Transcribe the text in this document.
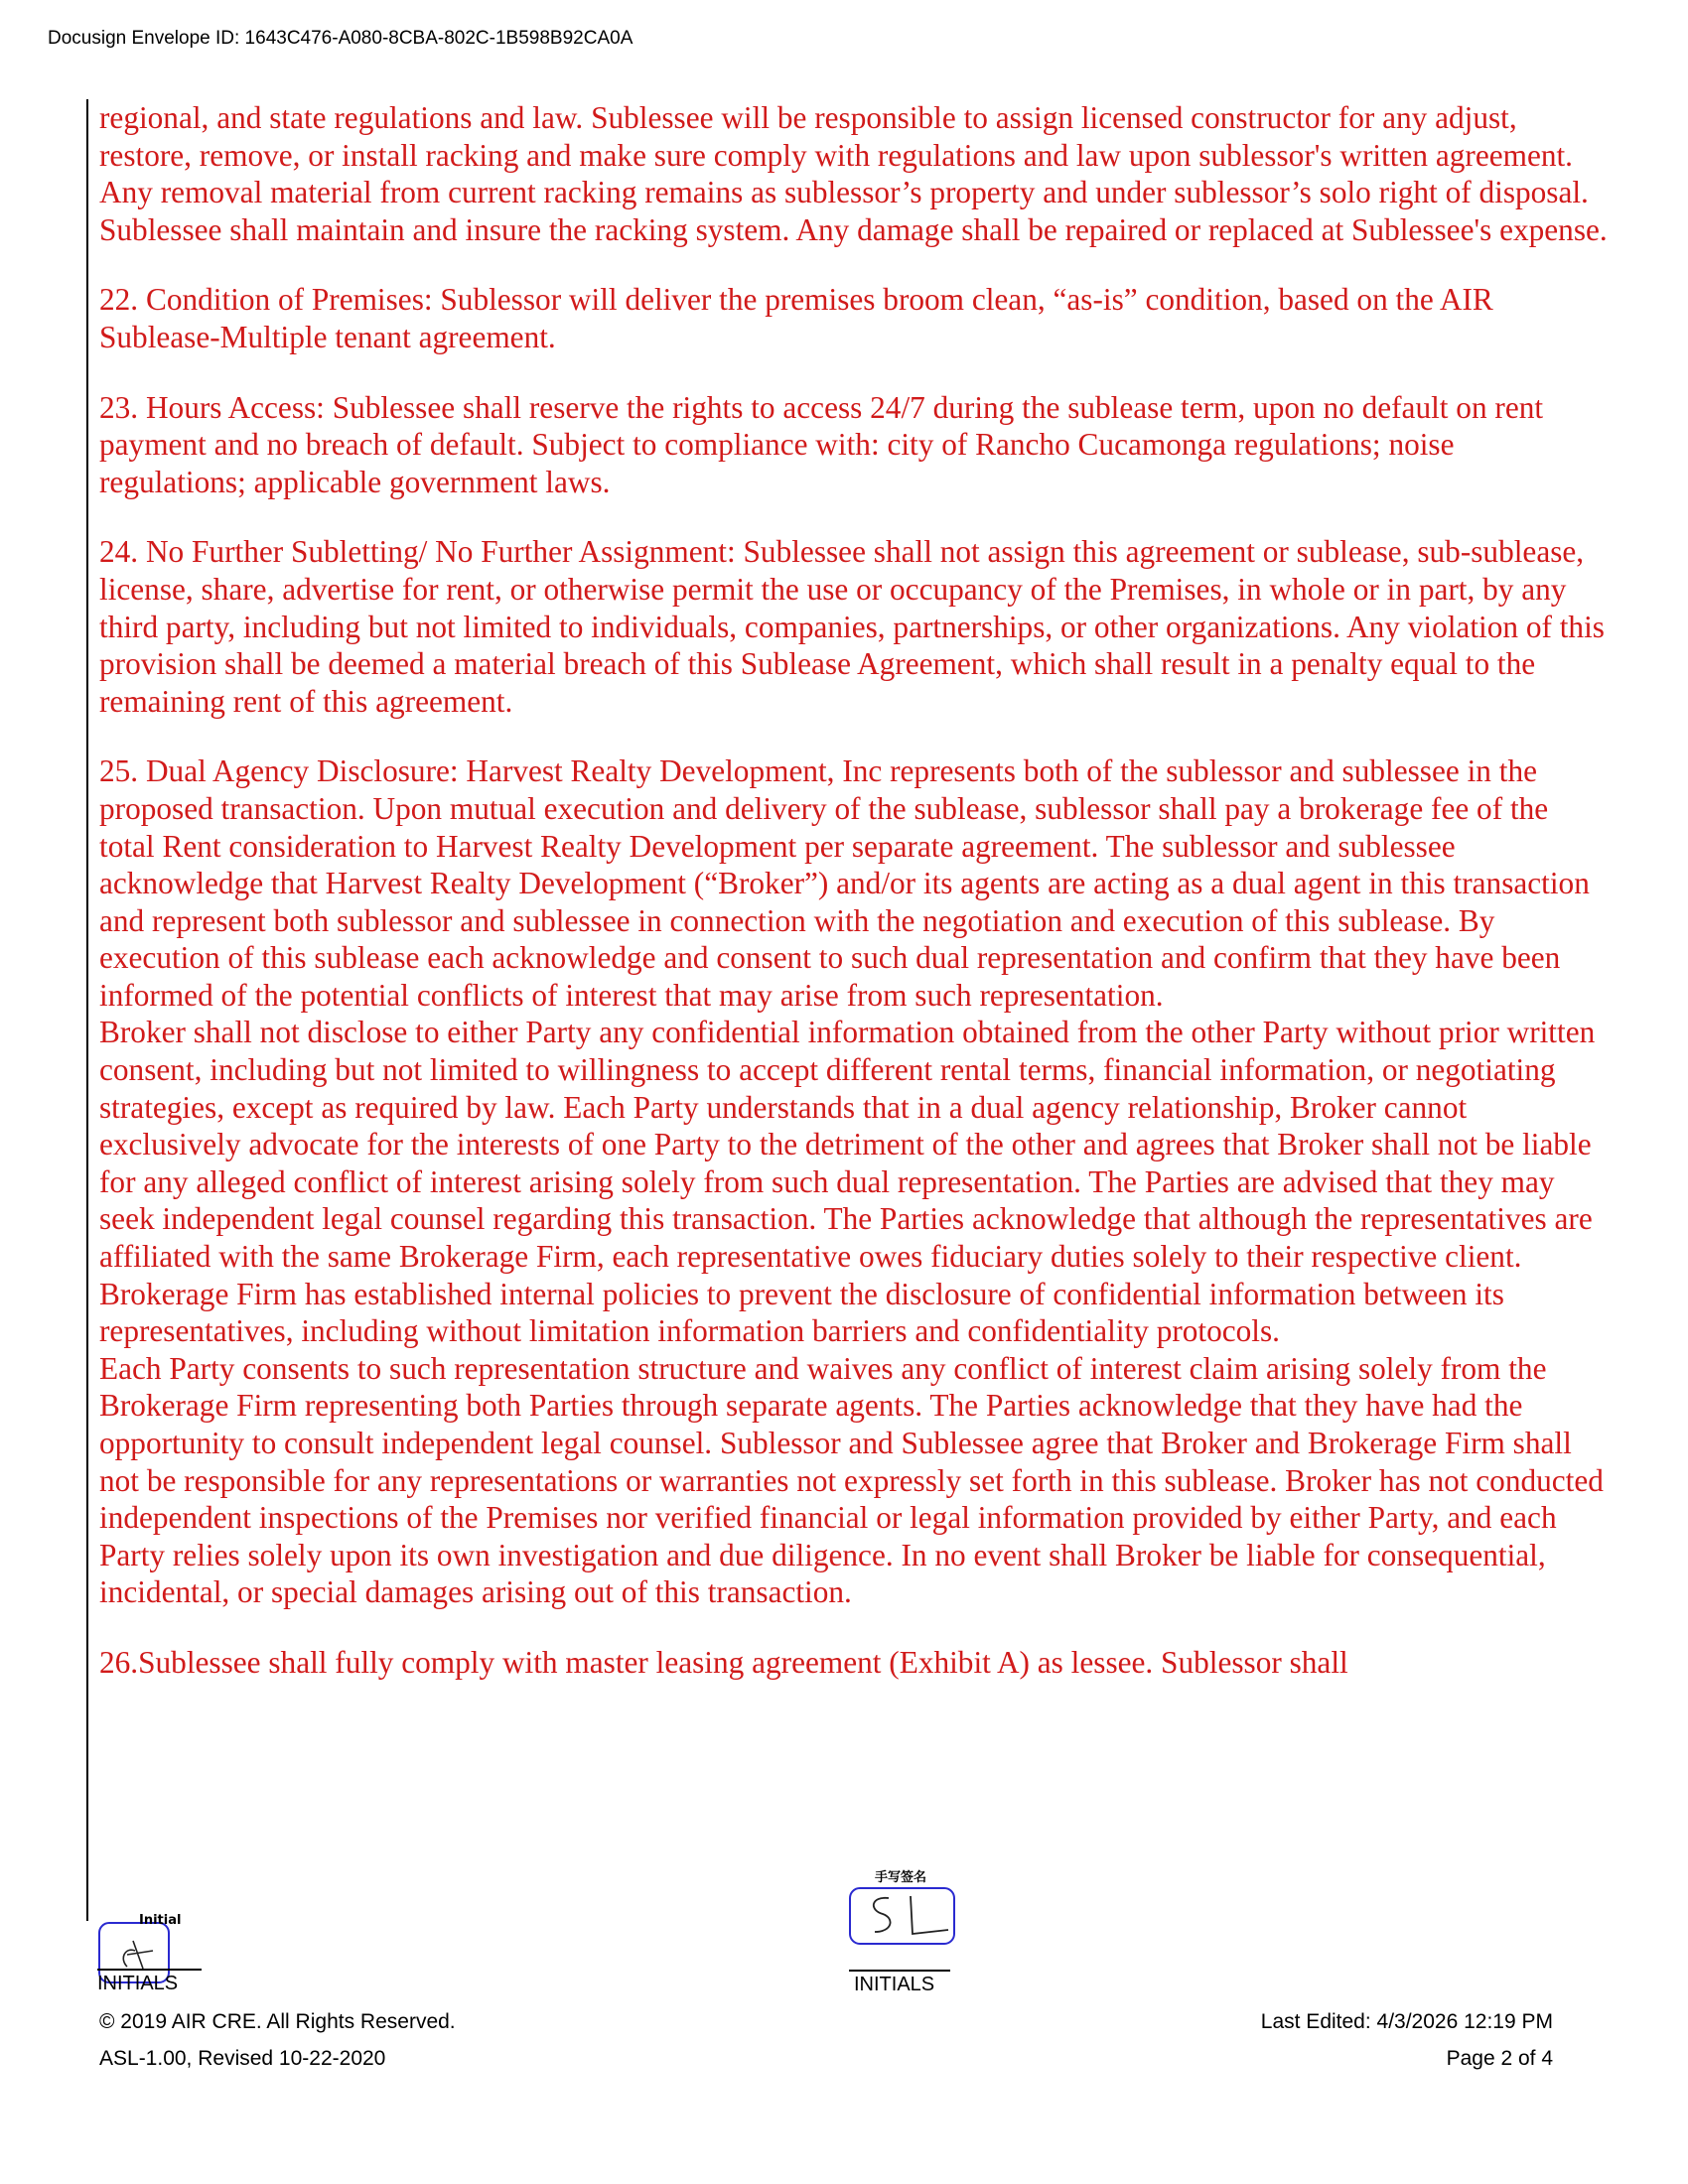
Docusign Envelope ID: 1643C476-A080-8CBA-802C-1B598B92CA0A

regional, and state regulations and law. Sublessee will be responsible to assign licensed constructor for any adjust, restore, remove, or install racking and make sure comply with regulations and law upon sublessor's written agreement. Any removal material from current racking remains as sublessor’s property and under sublessor’s solo right of disposal. Sublessee shall maintain and insure the racking system. Any damage shall be repaired or replaced at Sublessee's expense.

22. Condition of Premises: Sublessor will deliver the premises broom clean, “as-is” condition, based on the AIR Sublease-Multiple tenant agreement.

23. Hours Access: Sublessee shall reserve the rights to access 24/7 during the sublease term, upon no default on rent payment and no breach of default. Subject to compliance with: city of Rancho Cucamonga regulations; noise regulations; applicable government laws.

24. No Further Subletting/ No Further Assignment: Sublessee shall not assign this agreement or sublease, sub-sublease, license, share, advertise for rent, or otherwise permit the use or occupancy of the Premises, in whole or in part, by any third party, including but not limited to individuals, companies, partnerships, or other organizations. Any violation of this provision shall be deemed a material breach of this Sublease Agreement, which shall result in a penalty equal to the remaining rent of this agreement.

25. Dual Agency Disclosure: Harvest Realty Development, Inc represents both of the sublessor and sublessee in the proposed transaction. Upon mutual execution and delivery of the sublease, sublessor shall pay a brokerage fee of the total Rent consideration to Harvest Realty Development per separate agreement. The sublessor and sublessee acknowledge that Harvest Realty Development (“Broker”) and/or its agents are acting as a dual agent in this transaction and represent both sublessor and sublessee in connection with the negotiation and execution of this sublease. By execution of this sublease each acknowledge and consent to such dual representation and confirm that they have been informed of the potential conflicts of interest that may arise from such representation.

Broker shall not disclose to either Party any confidential information obtained from the other Party without prior written consent, including but not limited to willingness to accept different rental terms, financial information, or negotiating strategies, except as required by law. Each Party understands that in a dual agency relationship, Broker cannot exclusively advocate for the interests of one Party to the detriment of the other and agrees that Broker shall not be liable for any alleged conflict of interest arising solely from such dual representation. The Parties are advised that they may seek independent legal counsel regarding this transaction. The Parties acknowledge that although the representatives are affiliated with the same Brokerage Firm, each representative owes fiduciary duties solely to their respective client. Brokerage Firm has established internal policies to prevent the disclosure of confidential information between its representatives, including without limitation information barriers and confidentiality protocols.

Each Party consents to such representation structure and waives any conflict of interest claim arising solely from the Brokerage Firm representing both Parties through separate agents. The Parties acknowledge that they have had the opportunity to consult independent legal counsel. Sublessor and Sublessee agree that Broker and Brokerage Firm shall not be responsible for any representations or warranties not expressly set forth in this sublease. Broker has not conducted independent inspections of the Premises nor verified financial or legal information provided by either Party, and each Party relies solely upon its own investigation and due diligence. In no event shall Broker be liable for consequential, incidental, or special damages arising out of this transaction.

26.Sublessee shall fully comply with master leasing agreement (Exhibit A) as lessee. Sublessor shall

Initial
INITIALS
手写签名
INITIALS
© 2019 AIR CRE. All Rights Reserved.
ASL-1.00, Revised 10-22-2020
Last Edited: 4/3/2026 12:19 PM
Page 2 of 4
